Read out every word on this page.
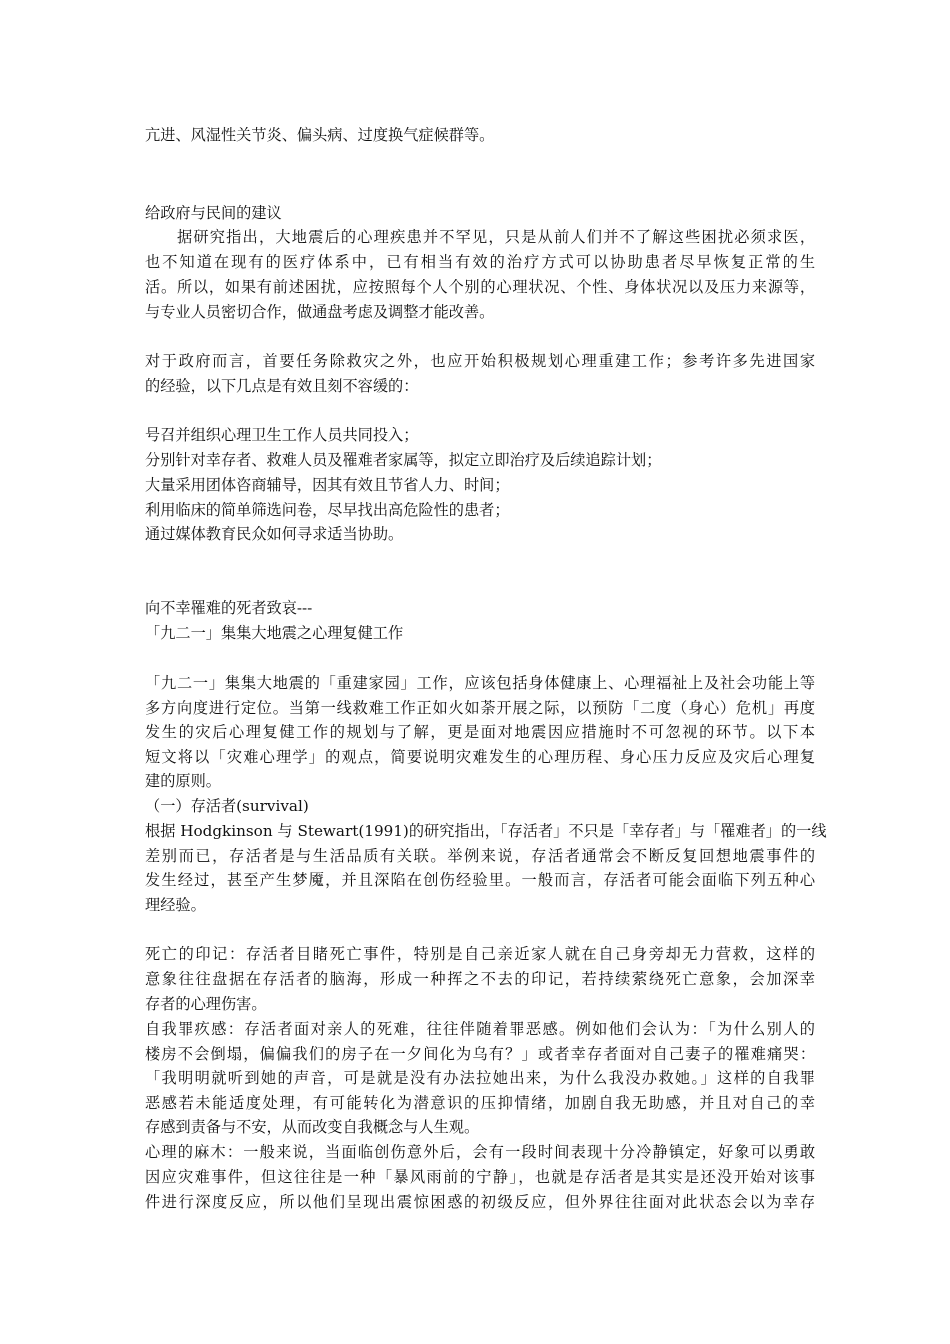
亢进、风湿性关节炎、偏头病、过度换气症候群等。
给政府与民间的建议
据研究指出，大地震后的心理疾患并不罕见，只是从前人们并不了解这些困扰必须求医，
也不知道在现有的医疗体系中，已有相当有效的治疗方式可以协助患者尽早恢复正常的生
活。所以，如果有前述困扰，应按照每个人个别的心理状况、个性、身体状况以及压力来源等，
与专业人员密切合作，做通盘考虑及调整才能改善。
对于政府而言，首要任务除救灾之外，也应开始积极规划心理重建工作；参考许多先进国家
的经验，以下几点是有效且刻不容缓的：
号召并组织心理卫生工作人员共同投入；
分别针对幸存者、救难人员及罹难者家属等，拟定立即治疗及后续追踪计划；
大量采用团体咨商辅导，因其有效且节省人力、时间；
利用临床的简单筛选问卷，尽早找出高危险性的患者；
通过媒体教育民众如何寻求适当协助。
向不幸罹难的死者致哀---
「九二一」集集大地震之心理复健工作
「九二一」集集大地震的「重建家园」工作，应该包括身体健康上、心理福祉上及社会功能上等
多方向度进行定位。当第一线救难工作正如火如荼开展之际，以预防「二度（身心）危机」再度
发生的灾后心理复健工作的规划与了解，更是面对地震因应措施时不可忽视的环节。以下本
短文将以「灾难心理学」的观点，简要说明灾难发生的心理历程、身心压力反应及灾后心理复
建的原则。
（一）存活者(survival)
根据 Hodgkinson 与 Stewart(1991)的研究指出，「存活者」不只是「幸存者」与「罹难者」的一线
差别而已，存活者是与生活品质有关联。举例来说，存活者通常会不断反复回想地震事件的
发生经过，甚至产生梦魇，并且深陷在创伤经验里。一般而言，存活者可能会面临下列五种心
理经验。
死亡的印记：存活者目睹死亡事件，特别是自己亲近家人就在自己身旁却无力营救，这样的
意象往往盘据在存活者的脑海，形成一种挥之不去的印记，若持续萦绕死亡意象，会加深幸
存者的心理伤害。
自我罪疚感：存活者面对亲人的死难，往往伴随着罪恶感。例如他们会认为：「为什么别人的
楼房不会倒塌，偏偏我们的房子在一夕间化为乌有？」或者幸存者面对自己妻子的罹难痛哭：
「我明明就听到她的声音，可是就是没有办法拉她出来，为什么我没办救她。」这样的自我罪
恶感若未能适度处理，有可能转化为潜意识的压抑情绪，加剧自我无助感，并且对自己的幸
存感到责备与不安，从而改变自我概念与人生观。
心理的麻木：一般来说，当面临创伤意外后，会有一段时间表现十分冷静镇定，好象可以勇敢
因应灾难事件，但这往往是一种「暴风雨前的宁静」，也就是存活者是其实是还没开始对该事
件进行深度反应，所以他们呈现出震惊困惑的初级反应，但外界往往面对此状态会以为幸存
